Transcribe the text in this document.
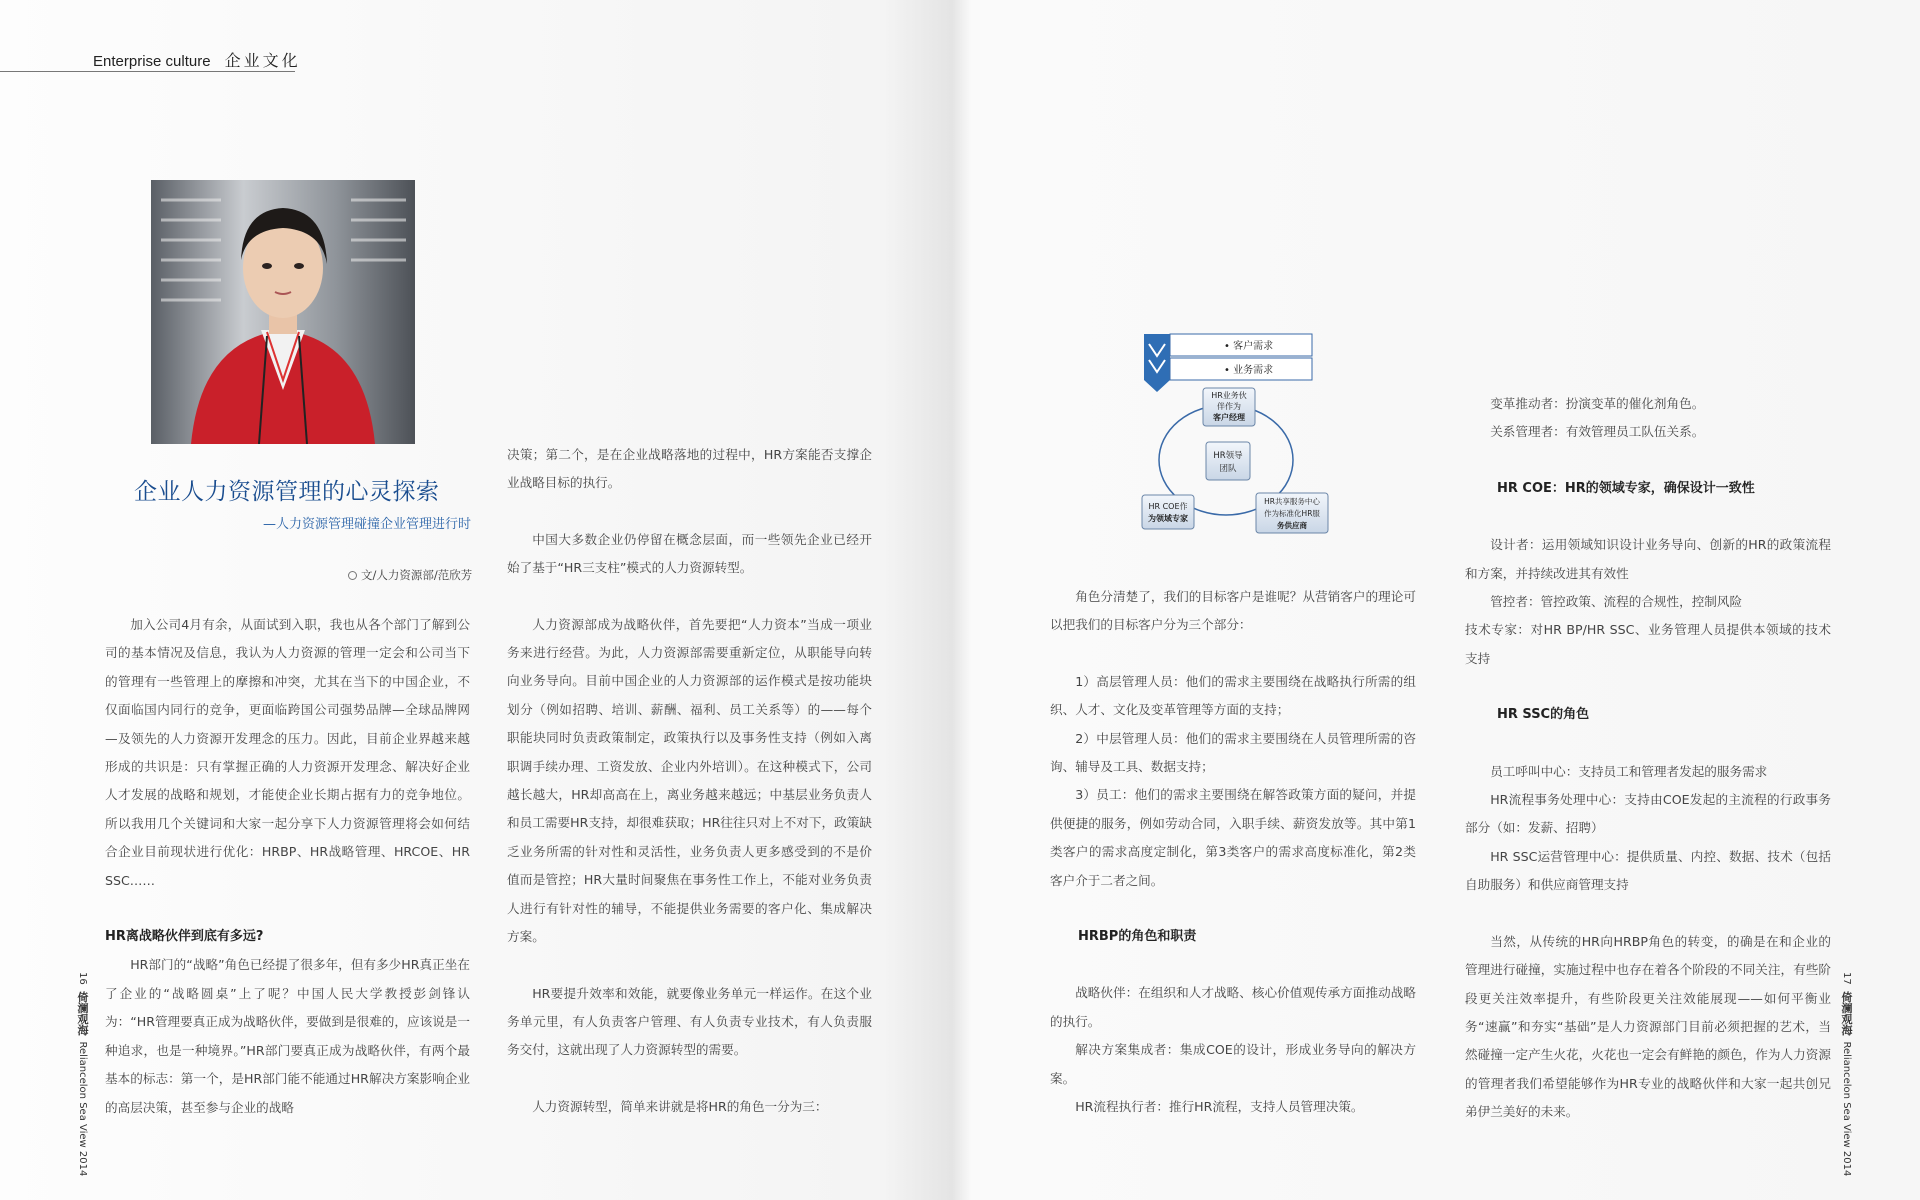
Enterprise culture 企业文化
企业人力资源管理的心灵探索
—人力资源管理碰撞企业管理进行时
文/人力资源部/范欣芳

加入公司4月有余，从面试到入职，我也从各个部门了解到公司的基本情况及信息，我认为人力资源的管理一定会和公司当下的管理有一些管理上的摩擦和冲突，尤其在当下的中国企业，不仅面临国内同行的竞争，更面临跨国公司强势品牌—全球品牌网—及领先的人力资源开发理念的压力。因此，目前企业界越来越形成的共识是：只有掌握正确的人力资源开发理念、解决好企业人才发展的战略和规划，才能使企业长期占据有力的竞争地位。所以我用几个关键词和大家一起分享下人力资源管理将会如何结合企业目前现状进行优化：HRBP、HR战略管理、HRCOE、HR SSC……

HR离战略伙伴到底有多远?

HR部门的“战略”角色已经提了很多年，但有多少HR真正坐在了企业的“战略圆桌”上了呢？中国人民大学教授彭剑锋认为：“HR管理要真正成为战略伙伴，要做到是很难的，应该说是一种追求，也是一种境界。”HR部门要真正成为战略伙伴，有两个最基本的标志：第一个，是HR部门能不能通过HR解决方案影响企业的高层决策，甚至参与企业的战略

决策；第二个，是在企业战略落地的过程中，HR方案能否支撑企业战略目标的执行。

中国大多数企业仍停留在概念层面，而一些领先企业已经开始了基于“HR三支柱”模式的人力资源转型。

人力资源部成为战略伙伴，首先要把“人力资本”当成一项业务来进行经营。为此，人力资源部需要重新定位，从职能导向转向业务导向。目前中国企业的人力资源部的运作模式是按功能块划分（例如招聘、培训、薪酬、福利、员工关系等）的——每个职能块同时负责政策制定，政策执行以及事务性支持（例如入离职调手续办理、工资发放、企业内外培训）。在这种模式下，公司越长越大，HR却高高在上，离业务越来越远；中基层业务负责人和员工需要HR支持，却很难获取；HR往往只对上不对下，政策缺乏业务所需的针对性和灵活性，业务负责人更多感受到的不是价值而是管控；HR大量时间聚焦在事务性工作上，不能对业务负责人进行有针对性的辅导，不能提供业务需要的客户化、集成解决方案。

HR要提升效率和效能，就要像业务单元一样运作。在这个业务单元里，有人负责客户管理、有人负责专业技术，有人负责服务交付，这就出现了人力资源转型的需要。

人力资源转型，简单来讲就是将HR的角色一分为三：

16  倚澜观海  Reliancelon Sea View 2014
• 客户需求
• 业务需求
HR业务伙
伴作为
客户经理
HR领导
团队
HR COE作
为领域专家
HR共享服务中心
作为标准化HR服
务供应商

角色分清楚了，我们的目标客户是谁呢？从营销客户的理论可以把我们的目标客户分为三个部分：

1）高层管理人员：他们的需求主要围绕在战略执行所需的组织、人才、文化及变革管理等方面的支持；

2）中层管理人员：他们的需求主要围绕在人员管理所需的咨询、辅导及工具、数据支持；

3）员工：他们的需求主要围绕在解答政策方面的疑问，并提供便捷的服务，例如劳动合同，入职手续、薪资发放等。其中第1类客户的需求高度定制化，第3类客户的需求高度标准化，第2类客户介于二者之间。

HRBP的角色和职责

战略伙伴：在组织和人才战略、核心价值观传承方面推动战略的执行。

解决方案集成者：集成COE的设计，形成业务导向的解决方案。

HR流程执行者：推行HR流程，支持人员管理决策。

变革推动者：扮演变革的催化剂角色。

关系管理者：有效管理员工队伍关系。

HR COE：HR的领域专家，确保设计一致性

设计者：运用领域知识设计业务导向、创新的HR的政策流程和方案，并持续改进其有效性

管控者：管控政策、流程的合规性，控制风险

技术专家：对HR BP/HR SSC、业务管理人员提供本领域的技术支持

HR SSC的角色

员工呼叫中心：支持员工和管理者发起的服务需求

HR流程事务处理中心：支持由COE发起的主流程的行政事务部分（如：发薪、招聘）

HR SSC运营管理中心：提供质量、内控、数据、技术（包括自助服务）和供应商管理支持

当然，从传统的HR向HRBP角色的转变，的确是在和企业的管理进行碰撞，实施过程中也存在着各个阶段的不同关注，有些阶段更关注效率提升，有些阶段更关注效能展现——如何平衡业务“速赢”和夯实“基础”是人力资源部门目前必须把握的艺术，当然碰撞一定产生火花，火花也一定会有鲜艳的颜色，作为人力资源的管理者我们希望能够作为HR专业的战略伙伴和大家一起共创兄弟伊兰美好的未来。

17  倚澜观海  Reliancelon Sea View 2014
